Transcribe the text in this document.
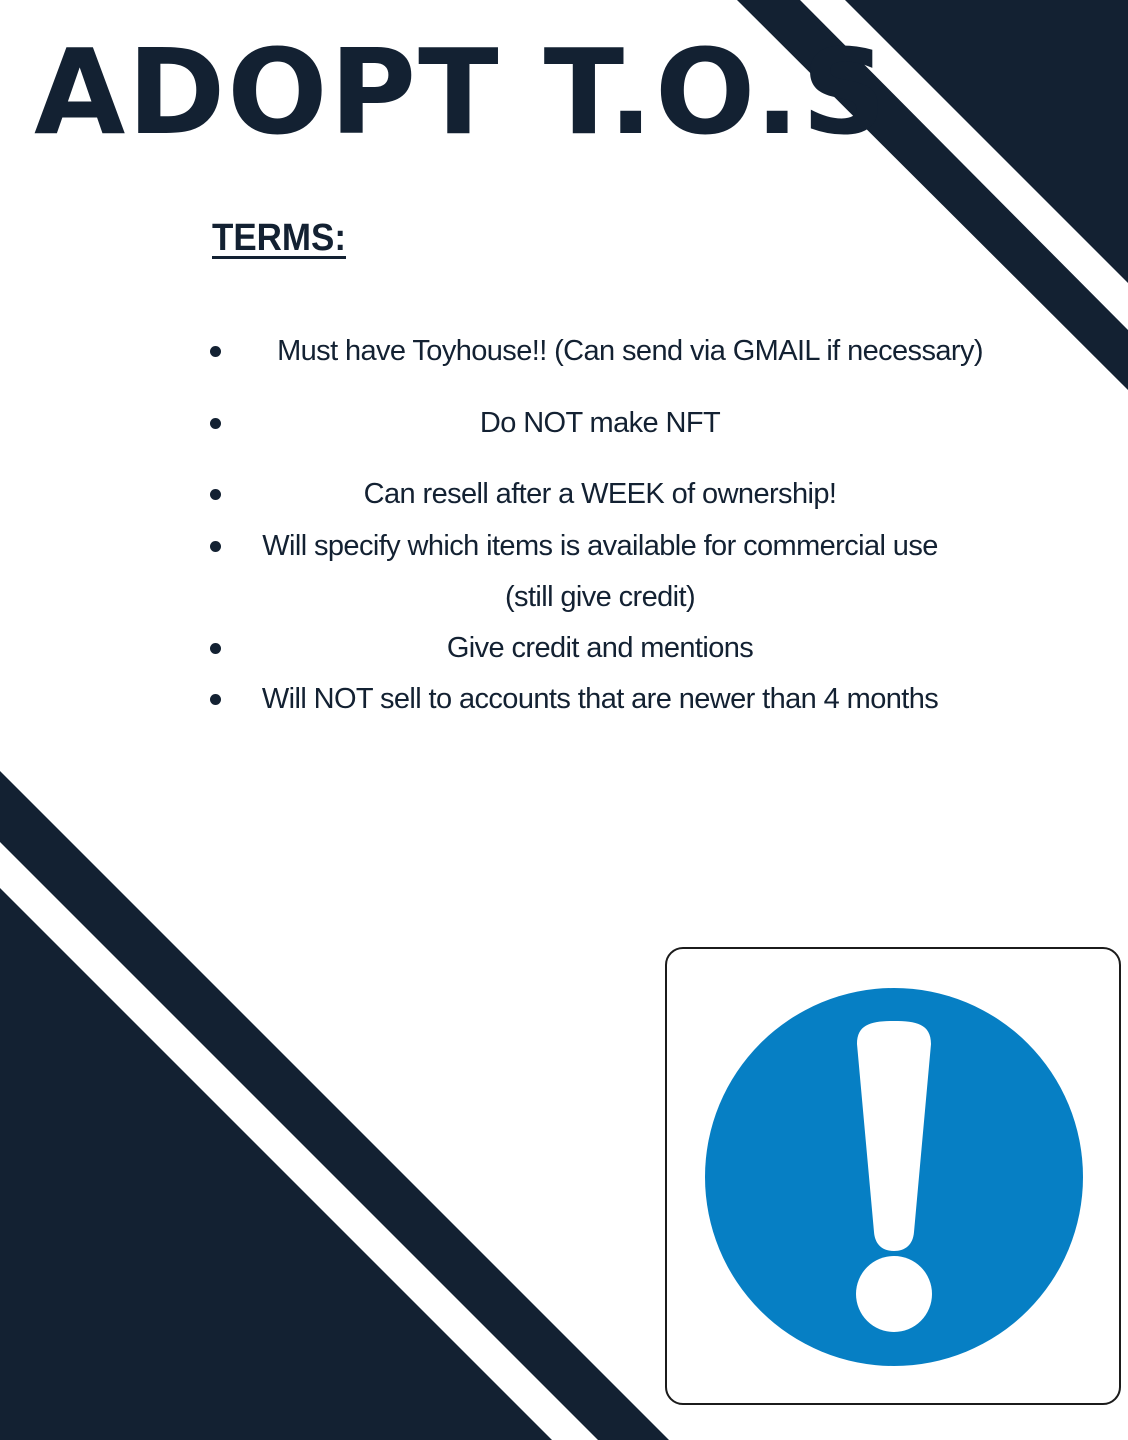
ADOPT T.O.S
TERMS:
Must have Toyhouse!! (Can send via GMAIL if necessary)
Do NOT make NFT
Can resell after a WEEK of ownership!
Will specify which items is available for commercial use (still give credit)
Give credit and mentions
Will NOT sell to accounts that are newer than 4 months
